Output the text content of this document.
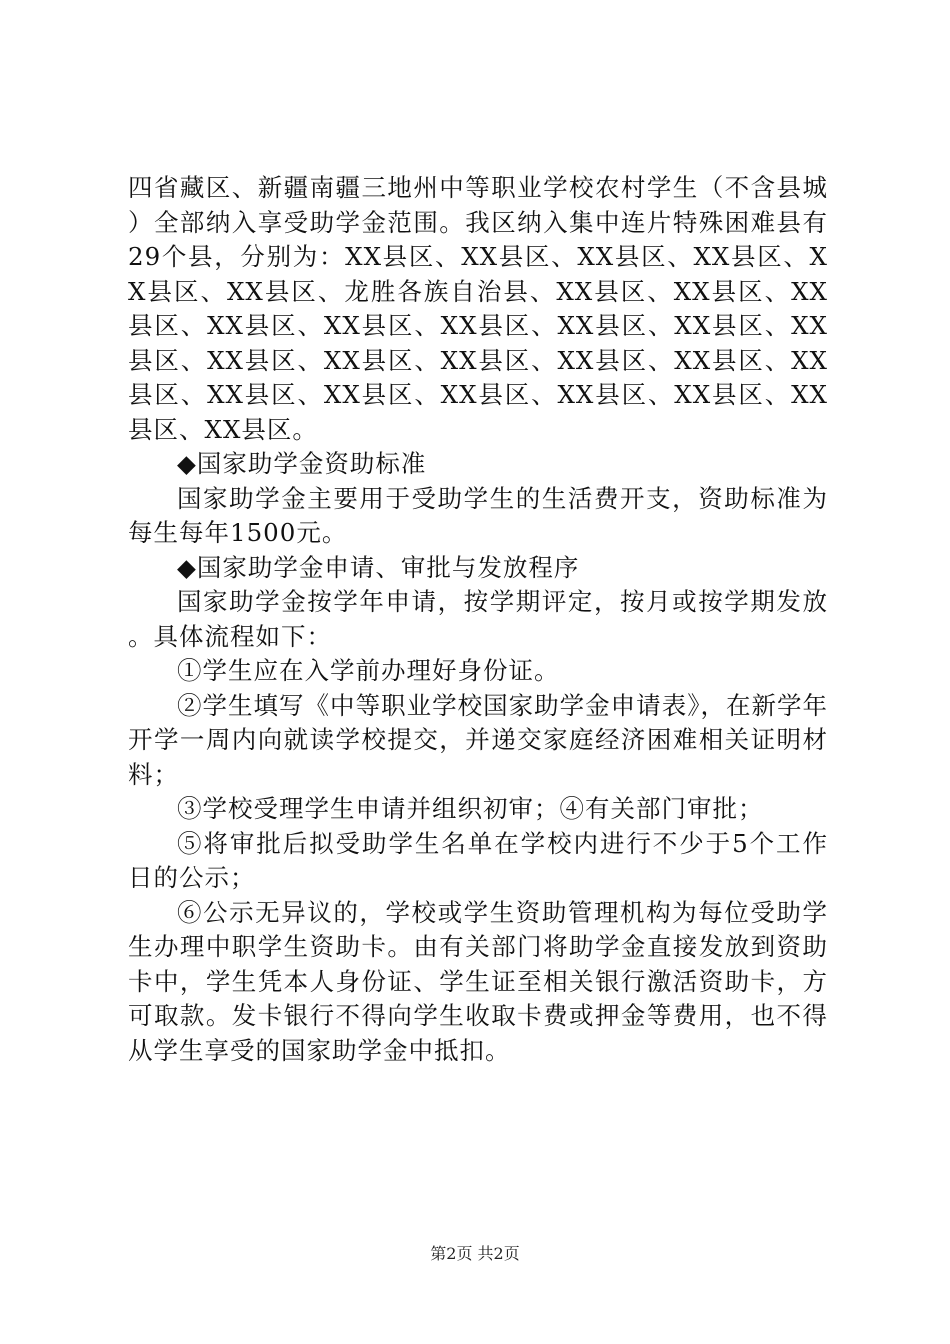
四省藏区、新疆南疆三地州中等职业学校农村学生（不含县城）全部纳入享受助学金范围。我区纳入集中连片特殊困难县有29个县，分别为：XX县区、XX县区、XX县区、XX县区、XX县区、XX县区、龙胜各族自治县、XX县区、XX县区、XX县区、XX县区、XX县区、XX县区、XX县区、XX县区、XX县区、XX县区、XX县区、XX县区、XX县区、XX县区、XX县区、XX县区、XX县区、XX县区、XX县区、XX县区、XX县区、XX县区。

◆国家助学金资助标准

国家助学金主要用于受助学生的生活费开支，资助标准为每生每年1500元。

◆国家助学金申请、审批与发放程序

国家助学金按学年申请，按学期评定，按月或按学期发放。具体流程如下：

①学生应在入学前办理好身份证。

②学生填写《中等职业学校国家助学金申请表》，在新学年开学一周内向就读学校提交，并递交家庭经济困难相关证明材料；

③学校受理学生申请并组织初审；④有关部门审批；

⑤将审批后拟受助学生名单在学校内进行不少于5个工作日的公示；

⑥公示无异议的，学校或学生资助管理机构为每位受助学生办理中职学生资助卡。由有关部门将助学金直接发放到资助卡中，学生凭本人身份证、学生证至相关银行激活资助卡，方可取款。发卡银行不得向学生收取卡费或押金等费用，也不得从学生享受的国家助学金中抵扣。

第2页 共2页
